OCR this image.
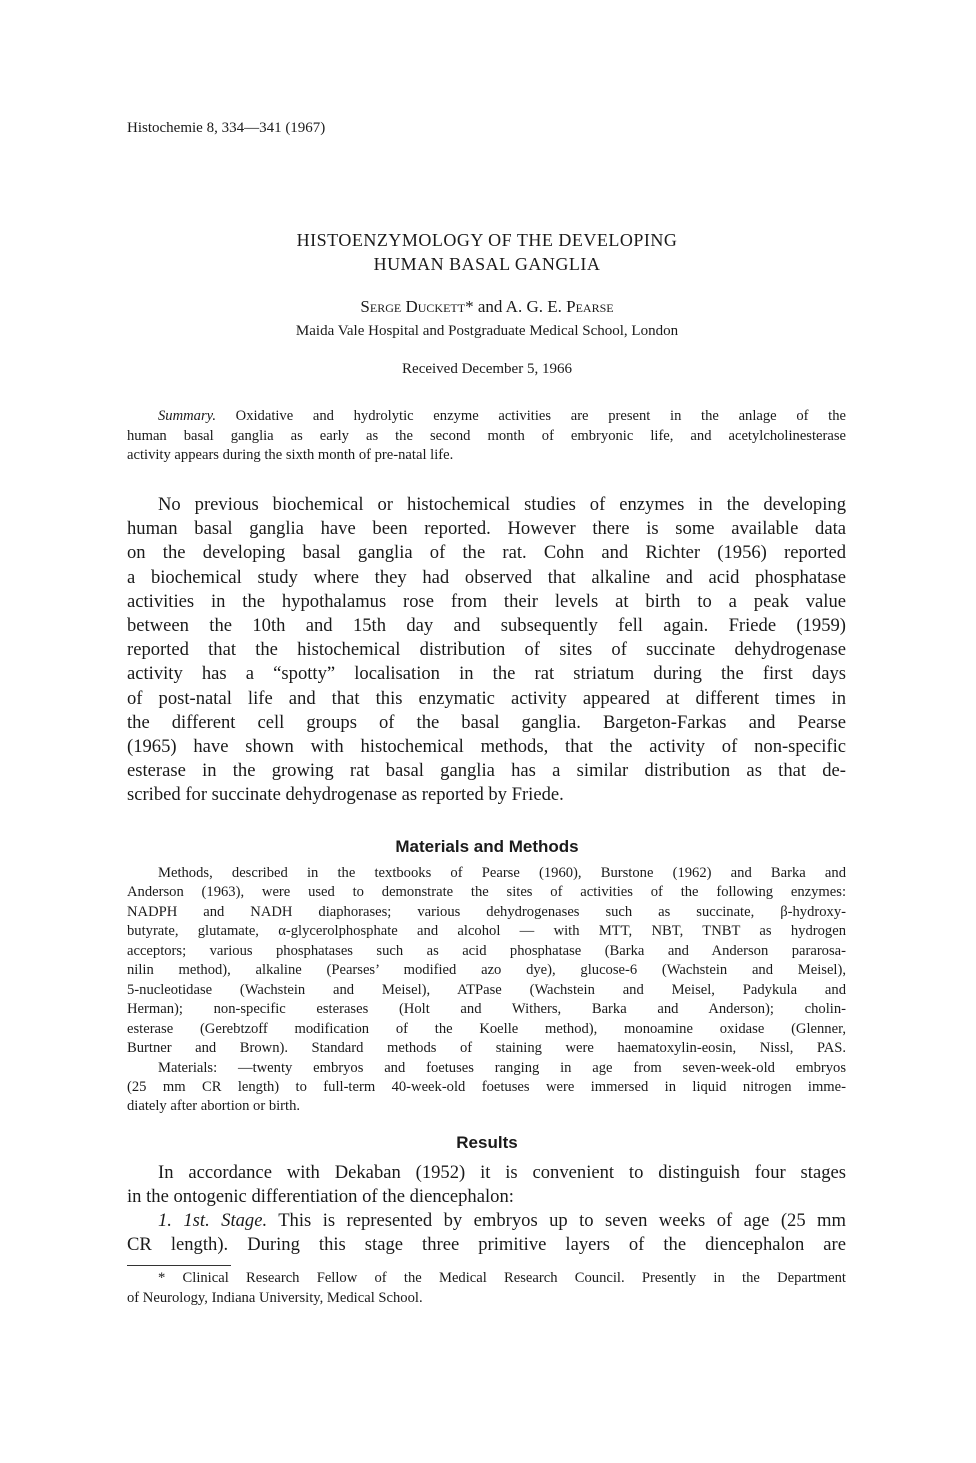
Histochemie 8, 334—341 (1967)
HISTOENZYMOLOGY OF THE DEVELOPING
HUMAN BASAL GANGLIA
Serge Duckett* and A. G. E. Pearse
Maida Vale Hospital and Postgraduate Medical School, London
Received December 5, 1966
Summary. Oxidative and hydrolytic enzyme activities are present in the anlage of the
human basal ganglia as early as the second month of embryonic life, and acetylcholinesterase
activity appears during the sixth month of pre-natal life.
No previous biochemical or histochemical studies of enzymes in the developing
human basal ganglia have been reported. However there is some available data
on the developing basal ganglia of the rat. Cohn and Richter (1956) reported
a biochemical study where they had observed that alkaline and acid phosphatase
activities in the hypothalamus rose from their levels at birth to a peak value
between the 10th and 15th day and subsequently fell again. Friede (1959)
reported that the histochemical distribution of sites of succinate dehydrogenase
activity has a “spotty” localisation in the rat striatum during the first days
of post-natal life and that this enzymatic activity appeared at different times in
the different cell groups of the basal ganglia. Bargeton-Farkas and Pearse
(1965) have shown with histochemical methods, that the activity of non-specific
esterase in the growing rat basal ganglia has a similar distribution as that de-
scribed for succinate dehydrogenase as reported by Friede.
Materials and Methods
Methods, described in the textbooks of Pearse (1960), Burstone (1962) and Barka and
Anderson (1963), were used to demonstrate the sites of activities of the following enzymes:
NADPH and NADH diaphorases; various dehydrogenases such as succinate, β-hydroxy-
butyrate, glutamate, α-glycerolphosphate and alcohol — with MTT, NBT, TNBT as hydrogen
acceptors; various phosphatases such as acid phosphatase (Barka and Anderson pararosa-
nilin method), alkaline (Pearses’ modified azo dye), glucose-6 (Wachstein and Meisel),
5-nucleotidase (Wachstein and Meisel), ATPase (Wachstein and Meisel, Padykula and
Herman); non-specific esterases (Holt and Withers, Barka and Anderson); cholin-
esterase (Gerebtzoff modification of the Koelle method), monoamine oxidase (Glenner,
Burtner and Brown). Standard methods of staining were haematoxylin-eosin, Nissl, PAS.
Materials: —twenty embryos and foetuses ranging in age from seven-week-old embryos
(25 mm CR length) to full-term 40-week-old foetuses were immersed in liquid nitrogen imme-
diately after abortion or birth.
Results
In accordance with Dekaban (1952) it is convenient to distinguish four stages
in the ontogenic differentiation of the diencephalon:
1. 1st. Stage. This is represented by embryos up to seven weeks of age (25 mm
CR length). During this stage three primitive layers of the diencephalon are
* Clinical Research Fellow of the Medical Research Council. Presently in the Department
of Neurology, Indiana University, Medical School.
